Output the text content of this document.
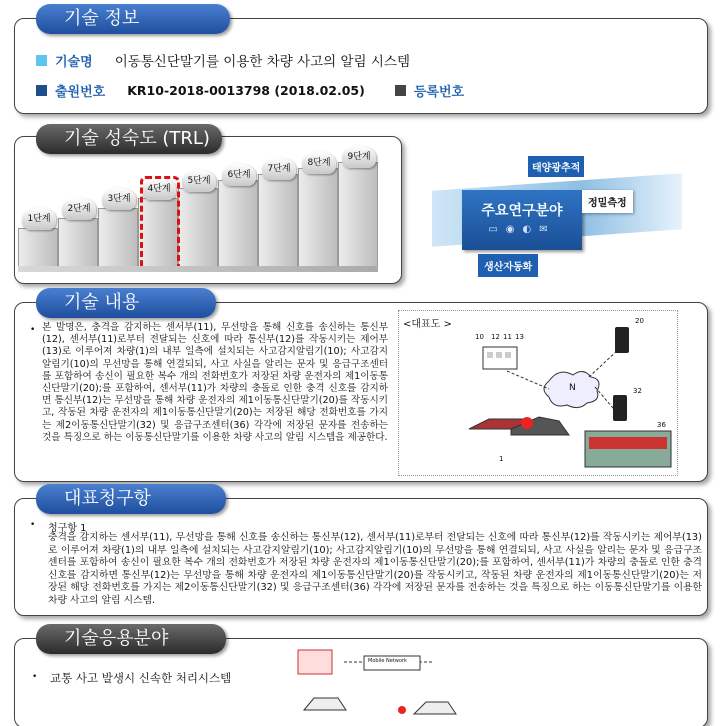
기술 정보
기술명 이동통신단말기를 이용한 차량 사고의 알림 시스템
출원번호 KR10-2018-0013798 (2018.02.05)	등록번호
기술 성숙도 (TRL)
1단계
2단계
3단계
4단계
5단계
6단계
7단계
8단계
9단계
주요연구분야
▭◉◐✉
태양광추적
정밀측정
생산자동화
기술 내용
• 본 발명은, 충격을 감지하는 센서부(11), 무선망을 통해 신호를 송신하는 통신부(12), 센서부(11)로부터 전달되는 신호에 따라 통신부(12)를 작동시키는 제어부(13)로 이루어져 차량(1)의 내부 일측에 설치되는 사고감지알림기(10); 사고감지알림기(10)의 무선망을 통해 연결되되, 사고 사실을 알리는 문자 및 응급구조센터를 포함하여 송신이 필요한 복수 개의 전화번호가 저장된 차량 운전자의 제1이동통신단말기(20);를 포함하여, 센서부(11)가 차량의 충돌로 인한 충격 신호를 감지하면 통신부(12)는 무선망을 통해 차량 운전자의 제1이동통신단말기(20)를 작동시키고, 작동된 차량 운전자의 제1이동통신단말기(20)는 저장된 해당 전화번호를 가지는 제2이동통신단말기(32) 및 응급구조센터(36) 각각에 저장된 문자를 전송하는 것을 특징으로 하는 이동통신단말기를 이용한 차량 사고의 알림 시스템을 제공한다.
<대표도 >
10 12 11 13
20
N	32
36
1
대표청구항
• 청구항 1
충격을 감지하는 센서부(11), 무선망을 통해 신호를 송신하는 통신부(12), 센서부(11)로부터 전달되는 신호에 따라 통신부(12)를 작동시키는 제어부(13)로 이루어져 차량(1)의 내부 일측에 설치되는 사고감지알림기(10); 사고감지알림기(10)의 무선망을 통해 연결되되, 사고 사실을 알리는 문자 및 응급구조센터를 포함하여 송신이 필요한 복수 개의 전화번호가 저장된 차량 운전자의 제1이동통신단말기(20);를 포함하여, 센서부(11)가 차량의 충돌로 인한 충격 신호를 감지하면 통신부(12)는 무선망을 통해 차량 운전자의 제1이동통신단말기(20)를 작동시키고, 작동된 차량 운전자의 제1이동통신단말기(20)는 저장된 해당 전화번호를 가지는 제2이동통신단말기(32) 및 응급구조센터(36) 각각에 저장된 문자를 전송하는 것을 특징으로 하는 이동통신단말기를 이용한 차량 사고의 알림 시스템.
기술응용분야
• 교통 사고 발생시 신속한 처리시스템
Mobile Network
